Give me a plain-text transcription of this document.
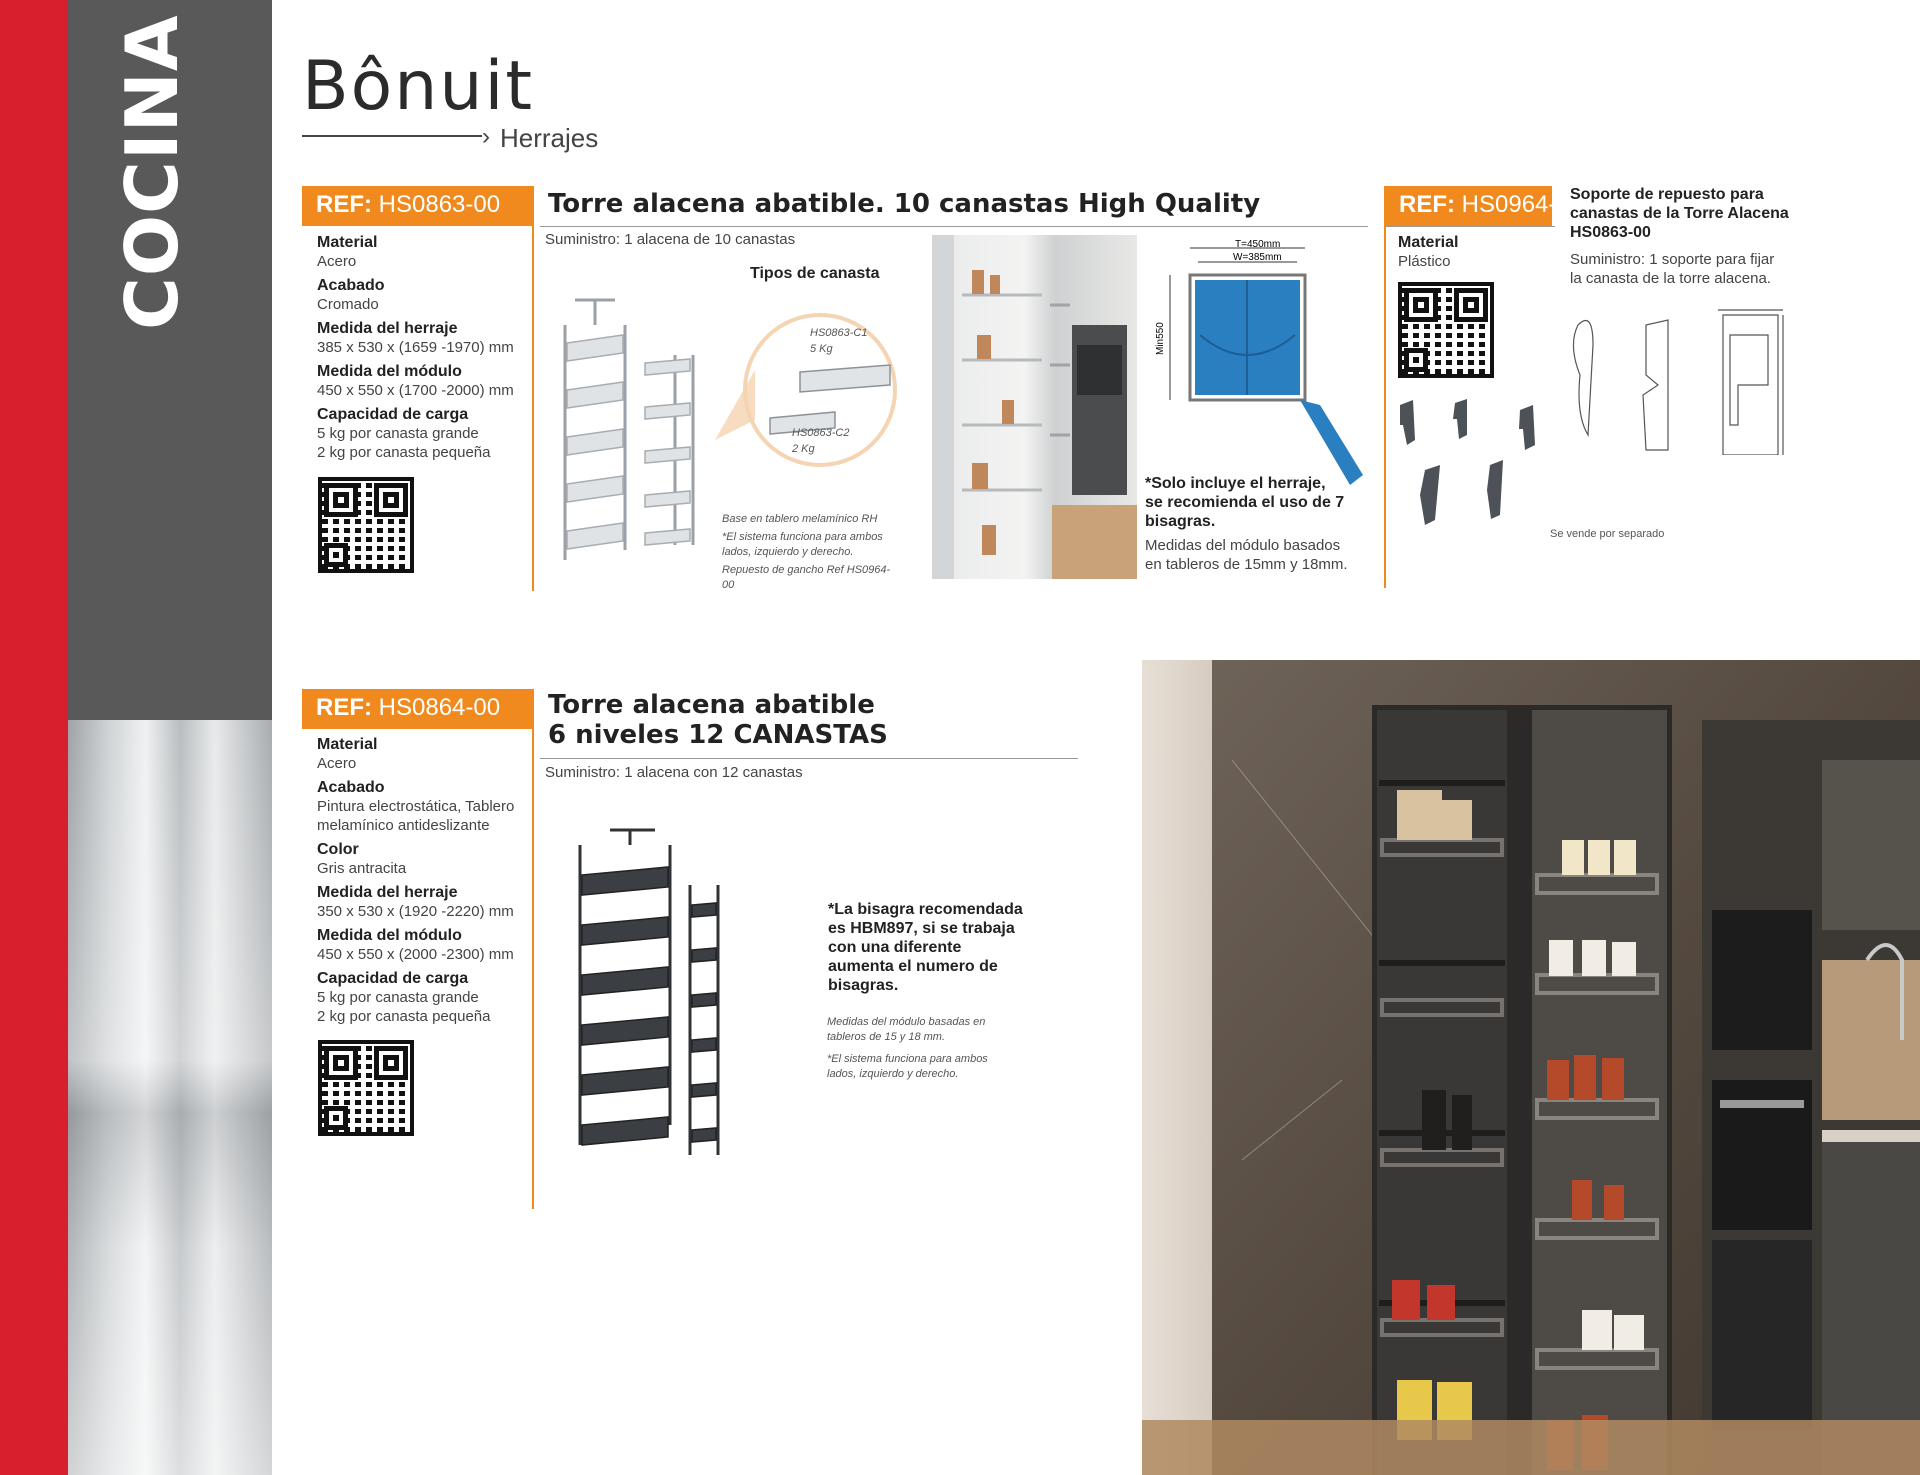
COCINA Bônuit
› Herrajes
REF: HS0863-00	Torre alacena abatible. 10 canastas High Quality
Suministro: 1 alacena de 10 canastas
Material
Acero
Acabado
Cromado
Medida del herraje
385 x 530 x (1659 -1970) mm
Medida del módulo
450 x 550 x (1700 -2000) mm
Capacidad de carga
5 kg por canasta grande
2 kg por canasta pequeña
Tipos de canasta
HS0863-C1
5 Kg
HS0863-C2
2 Kg
Base en tablero melamínico RH
*El sistema funciona para ambos
lados, izquierdo y derecho.
Repuesto de gancho Ref HS0964-00
T=450mm
W=385mm
Min550
*Solo incluye el herraje, se recomienda el uso de 7 bisagras.
Medidas del módulo basados en tableros de 15mm y 18mm.
REF: HS0964-00
Soporte de repuesto para canastas de la Torre Alacena HS0863-00
Suministro: 1 soporte para fijar la canasta de la torre alacena.
Material
Plástico
Se vende por separado
REF: HS0864-00	Torre alacena abatible
6 niveles 12 CANASTAS
Suministro: 1 alacena con 12 canastas
Material
Acero
Acabado
Pintura electrostática, Tablero melamínico antideslizante
Color
Gris antracita
Medida del herraje
350 x 530 x (1920 -2220) mm
Medida del módulo
450 x 550 x (2000 -2300) mm
Capacidad de carga
5 kg por canasta grande
2 kg por canasta pequeña
*La bisagra recomendada es HBM897, si se trabaja con una diferente aumenta el numero de bisagras.
Medidas del módulo basadas en tableros de 15 y 18 mm.
*El sistema funciona para ambos lados, izquierdo y derecho.
